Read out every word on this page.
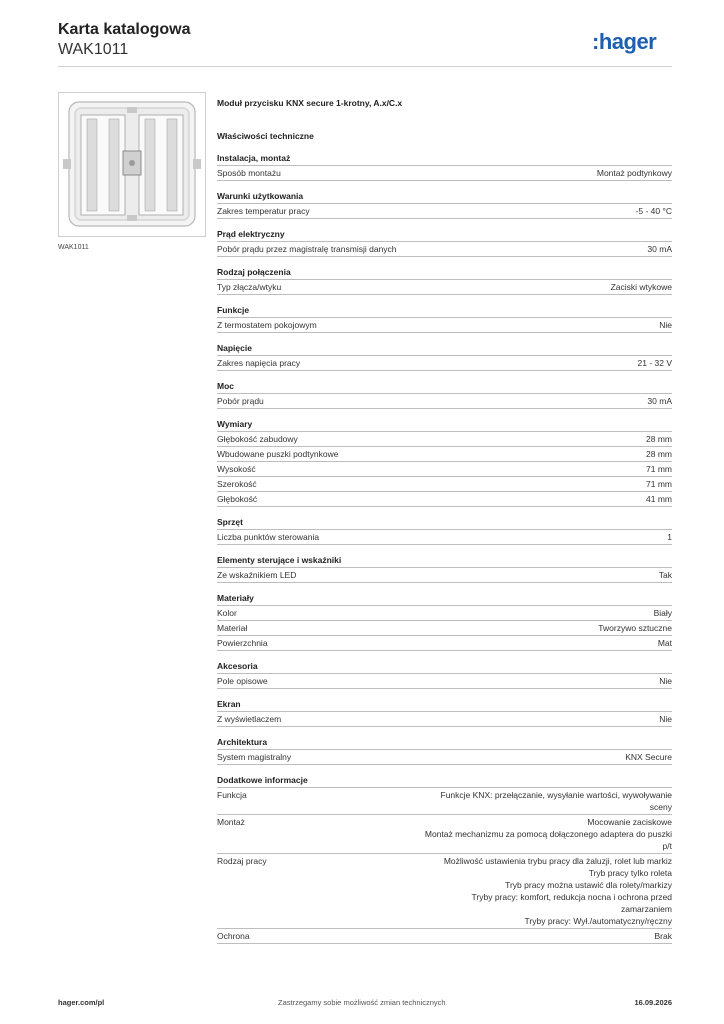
Karta katalogowa
WAK1011	:hager
WAK1011
Moduł przycisku KNX secure 1-krotny, A.x/C.x
Właściwości techniczne
Instalacja, montaż
Sposób montażu	Montaż podtynkowy
Warunki użytkowania
Zakres temperatur pracy	-5 - 40 °C
Prąd elektryczny
Pobór prądu przez magistralę transmisji danych	30 mA
Rodzaj połączenia
Typ złącza/wtyku	Zaciski wtykowe
Funkcje
Z termostatem pokojowym	Nie
Napięcie
Zakres napięcia pracy	21 - 32 V
Moc
Pobór prądu	30 mA
Wymiary
Głębokość zabudowy	28 mm
Wbudowane puszki podtynkowe	28 mm
Wysokość	71 mm
Szerokość	71 mm
Głębokość	41 mm
Sprzęt
Liczba punktów sterowania	1
Elementy sterujące i wskaźniki
Ze wskaźnikiem LED	Tak
Materiały
Kolor	Biały
Materiał	Tworzywo sztuczne
Powierzchnia	Mat
Akcesoria
Pole opisowe	Nie
Ekran
Z wyświetlaczem	Nie
Architektura
System magistralny	KNX Secure
Dodatkowe informacje
Funkcja	Funkcje KNX: przełączanie, wysyłanie wartości, wywoływanie sceny
Montaż	Mocowanie zaciskowe
Montaż mechanizmu za pomocą dołączonego adaptera do puszki p/t
Rodzaj pracy	Możliwość ustawienia trybu pracy dla żaluzji, rolet lub markiz
Tryb pracy tylko roleta
Tryb pracy można ustawić dla rolety/markizy
Tryby pracy: komfort, redukcja nocna i ochrona przed zamarzaniem
Tryby pracy: Wył./automatyczny/ręczny
Ochrona	Brak
hager.com/pl	Zastrzegamy sobie możliwość zmian technicznych	16.09.2026
